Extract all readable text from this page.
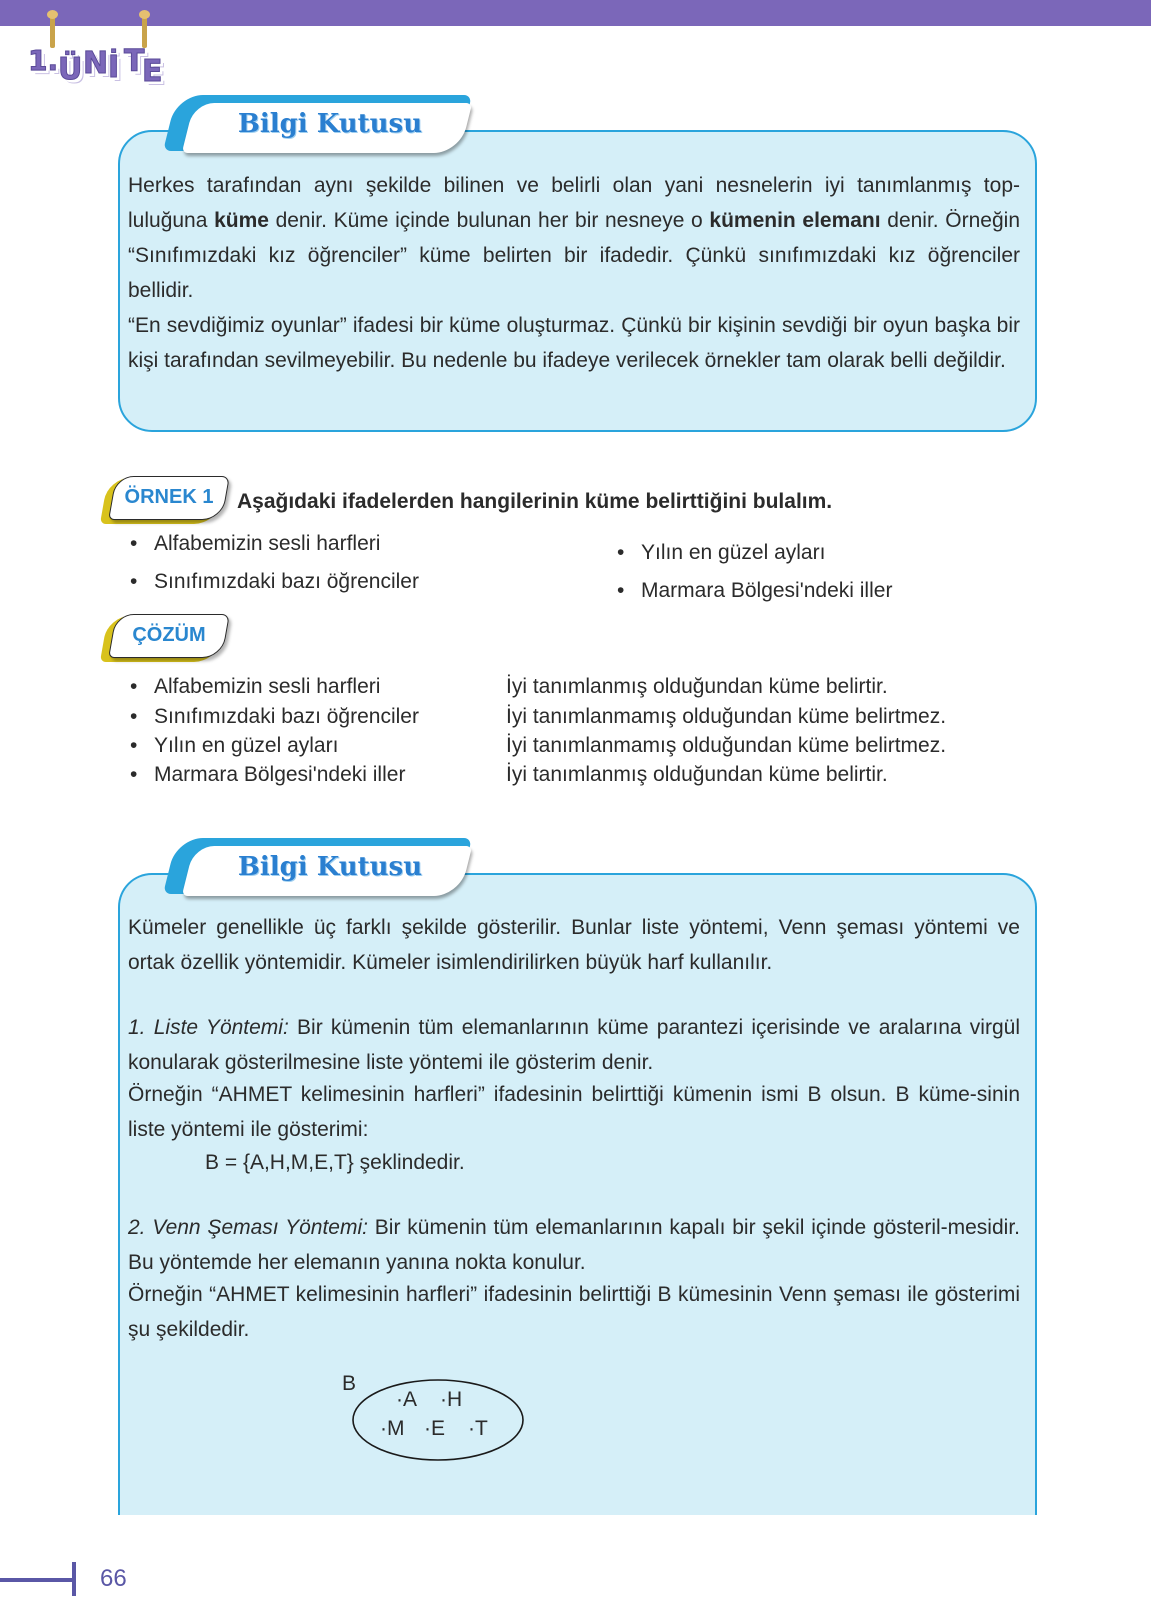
1. Ü N İ T
E
Bilgi Kutusu
Herkes tarafından aynı şekilde bilinen ve belirli olan yani nesnelerin iyi tanımlanmış top-luluğuna küme denir. Küme içinde bulunan her bir nesneye o kümenin elemanı denir. Örneğin “Sınıfımızdaki kız öğrenciler” küme belirten bir ifadedir. Çünkü sınıfımızdaki kız öğrenciler bellidir.
“En sevdiğimiz oyunlar” ifadesi bir küme oluşturmaz. Çünkü bir kişinin sevdiği bir oyun başka bir kişi tarafından sevilmeyebilir. Bu nedenle bu ifadeye verilecek örnekler tam olarak belli değildir.
ÖRNEK 1	Aşağıdaki ifadelerden hangilerinin küme belirttiğini bulalım.
• Alfabemizin sesli harfleri
• Sınıfımızdaki bazı öğrenciler
• Yılın en güzel ayları
• Marmara Bölgesi'ndeki iller
ÇÖZÜM
• Alfabemizin sesli harfleri
• Sınıfımızdaki bazı öğrenciler
• Yılın en güzel ayları
• Marmara Bölgesi'ndeki iller
İyi tanımlanmış olduğundan küme belirtir.
İyi tanımlanmamış olduğundan küme belirtmez.
İyi tanımlanmamış olduğundan küme belirtmez.
İyi tanımlanmış olduğundan küme belirtir.
Bilgi Kutusu
Kümeler genellikle üç farklı şekilde gösterilir. Bunlar liste yöntemi, Venn şeması yöntemi ve ortak özellik yöntemidir. Kümeler isimlendirilirken büyük harf kullanılır.
1. Liste Yöntemi: Bir kümenin tüm elemanlarının küme parantezi içerisinde ve aralarına virgül konularak gösterilmesine liste yöntemi ile gösterim denir.
Örneğin “AHMET kelimesinin harfleri” ifadesinin belirttiği kümenin ismi B olsun. B küme-sinin liste yöntemi ile gösterimi:
B = {A,H,M,E,T} şeklindedir.
2. Venn Şeması Yöntemi: Bir kümenin tüm elemanlarının kapalı bir şekil içinde gösteril-mesidir. Bu yöntemde her elemanın yanına nokta konulur.
Örneğin “AHMET kelimesinin harfleri” ifadesinin belirttiği B kümesinin Venn şeması ile gösterimi şu şekildedir.
B
·A ·H
·M ·E ·T
66
